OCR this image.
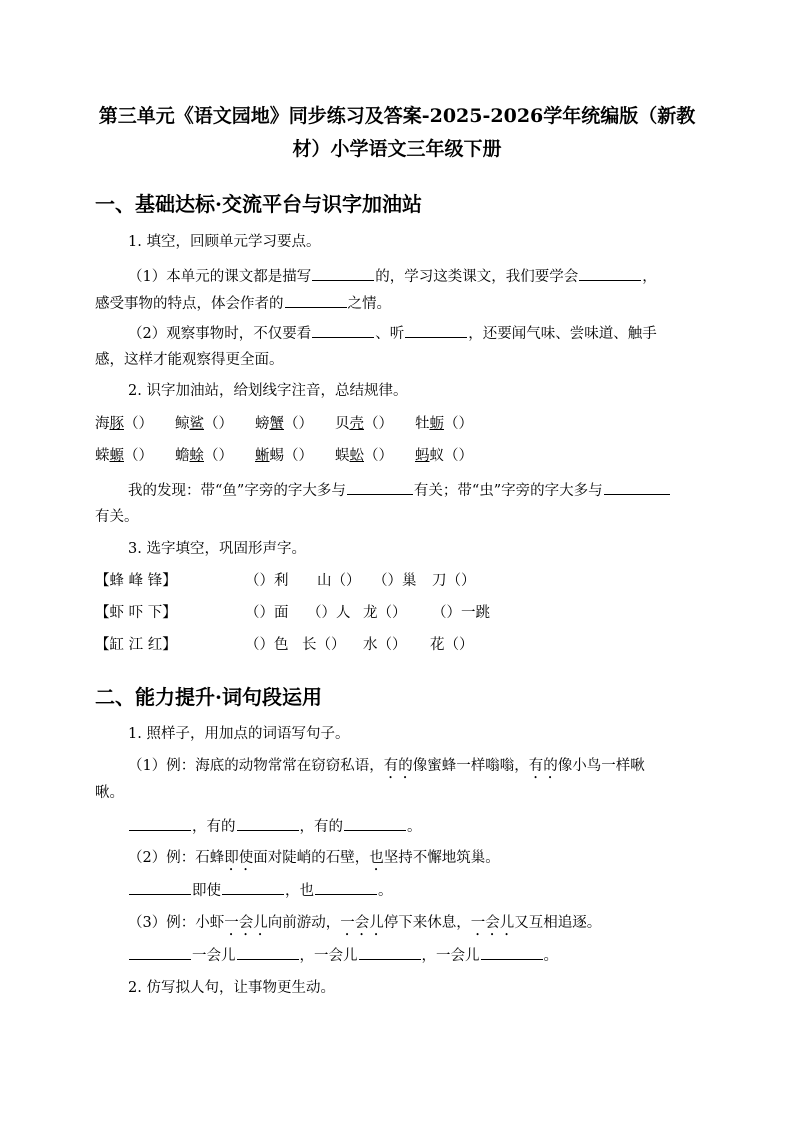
第三单元《语文园地》同步练习及答案-2025-2026学年统编版（新教
材）小学语文三年级下册
一、基础达标·交流平台与识字加油站
1. 填空，回顾单元学习要点。
（1）本单元的课文都是描写	的，学习这类课文，我们要学会	，
感受事物的特点，体会作者的	之情。
（2）观察事物时，不仅要看	、听	，还要闻气味、尝味道、触手
感，这样才能观察得更全面。
2. 识字加油站，给划线字注音，总结规律。
海豚（） 鲸鲨（） 螃蟹（） 贝壳（） 牡蛎（）
蝾螈（） 蟾蜍（） 蜥蜴（） 蜈蚣（） 蚂蚁（）
我的发现：带“鱼”字旁的字大多与	有关；带“虫”字旁的字大多与
有关。
3. 选字填空，巩固形声字。
【蜂 峰 锋】	（）利 山（） （）巢 刀（）
【虾 吓 下】	（）面 （）人 龙（） （）一跳
【缸 江 红】	（）色 长（） 水（） 花（）
二、能力提升·词句段运用
1. 照样子，用加点的词语写句子。
（1）例：海底的动物常常在窃窃私语，有的像蜜蜂一样嗡嗡，有的像小鸟一样啾
啾。
，有的	，有的	。
（2）例：石蜂即使面对陡峭的石壁，也坚持不懈地筑巢。
即使	，也	。
（3）例：小虾一会儿向前游动，一会儿停下来休息，一会儿又互相追逐。
一会儿	，一会儿	，一会儿	。
2. 仿写拟人句，让事物更生动。
